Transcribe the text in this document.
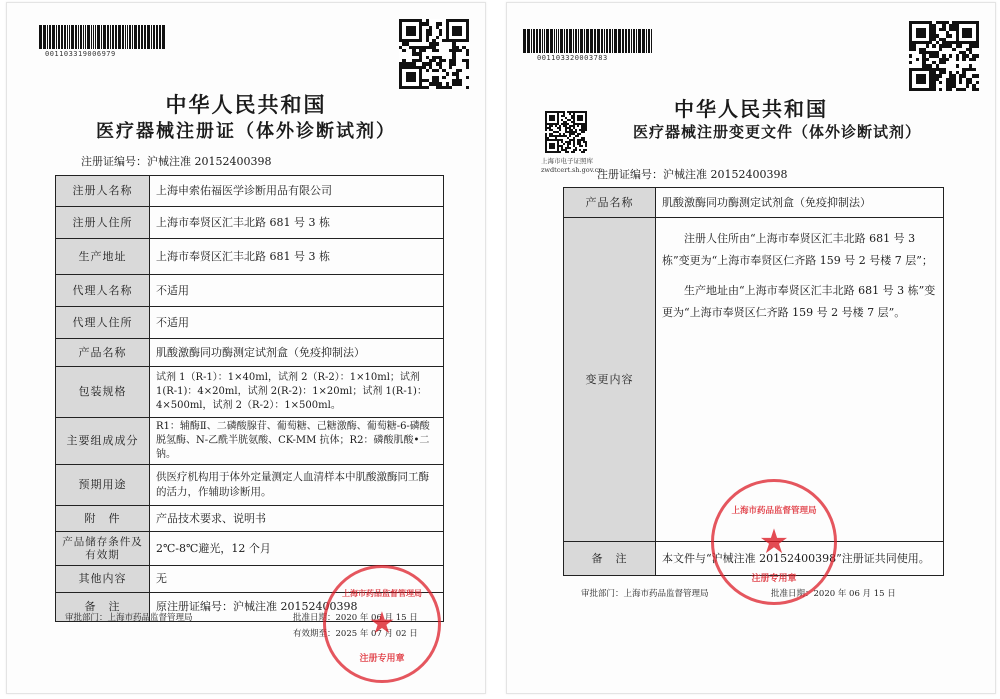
001103319006979
中华人民共和国
医疗器械注册证（体外诊断试剂）
注册证编号：沪械注准 20152400398
注册人名称	上海申索佑福医学诊断用品有限公司
注册人住所	上海市奉贤区汇丰北路 681 号 3 栋
生产地址	上海市奉贤区汇丰北路 681 号 3 栋
代理人名称	不适用
代理人住所	不适用
产品名称	肌酸激酶同功酶测定试剂盒（免疫抑制法）
包装规格	试剂 1（R-1）：1×40ml，试剂 2（R-2）：1×10ml；试剂 1(R-1)：4×20ml，试剂 2(R-2)：1×20ml；试剂 1(R-1)：4×500ml，试剂 2（R-2）：1×500ml。
主要组成成分	R1：辅酶Ⅱ、二磷酸腺苷、葡萄糖、己糖激酶、葡萄糖-6-磷酸脱氢酶、N-乙酰半胱氨酸、CK-MM 抗体；R2：磷酸肌酸•二钠。
预期用途	供医疗机构用于体外定量测定人血清样本中肌酸激酶同工酶的活力，作辅助诊断用。
附　件	产品技术要求、说明书
产品储存条件及有效期	2℃-8℃避光，12 个月
其他内容	无
备　注	原注册证编号：沪械注准 20152400398
审批部门：上海市药品监督管理局	批准日期：2020 年 06 月 15 日
有效期至：2025 年 07 月 02 日
上海市药品监督管理局
★
注册专用章
001103320003783
中华人民共和国
上海市电子证照库
zwdtcert.sh.gov.cn
医疗器械注册变更文件（体外诊断试剂）
注册证编号：沪械注准 20152400398
产品名称	肌酸激酶同功酶测定试剂盒（免疫抑制法）
变更内容	注册人住所由“上海市奉贤区汇丰北路 681 号 3 栋”变更为“上海市奉贤区仁齐路 159 号 2 号楼 7 层”；
生产地址由“上海市奉贤区汇丰北路 681 号 3 栋”变更为“上海市奉贤区仁齐路 159 号 2 号楼 7 层”。

备　注	本文件与“沪械注准 20152400398”注册证共同使用。
审批部门：上海市药品监督管理局	批准日期：2020 年 06 月 15 日
上海市药品监督管理局
★
注册专用章
